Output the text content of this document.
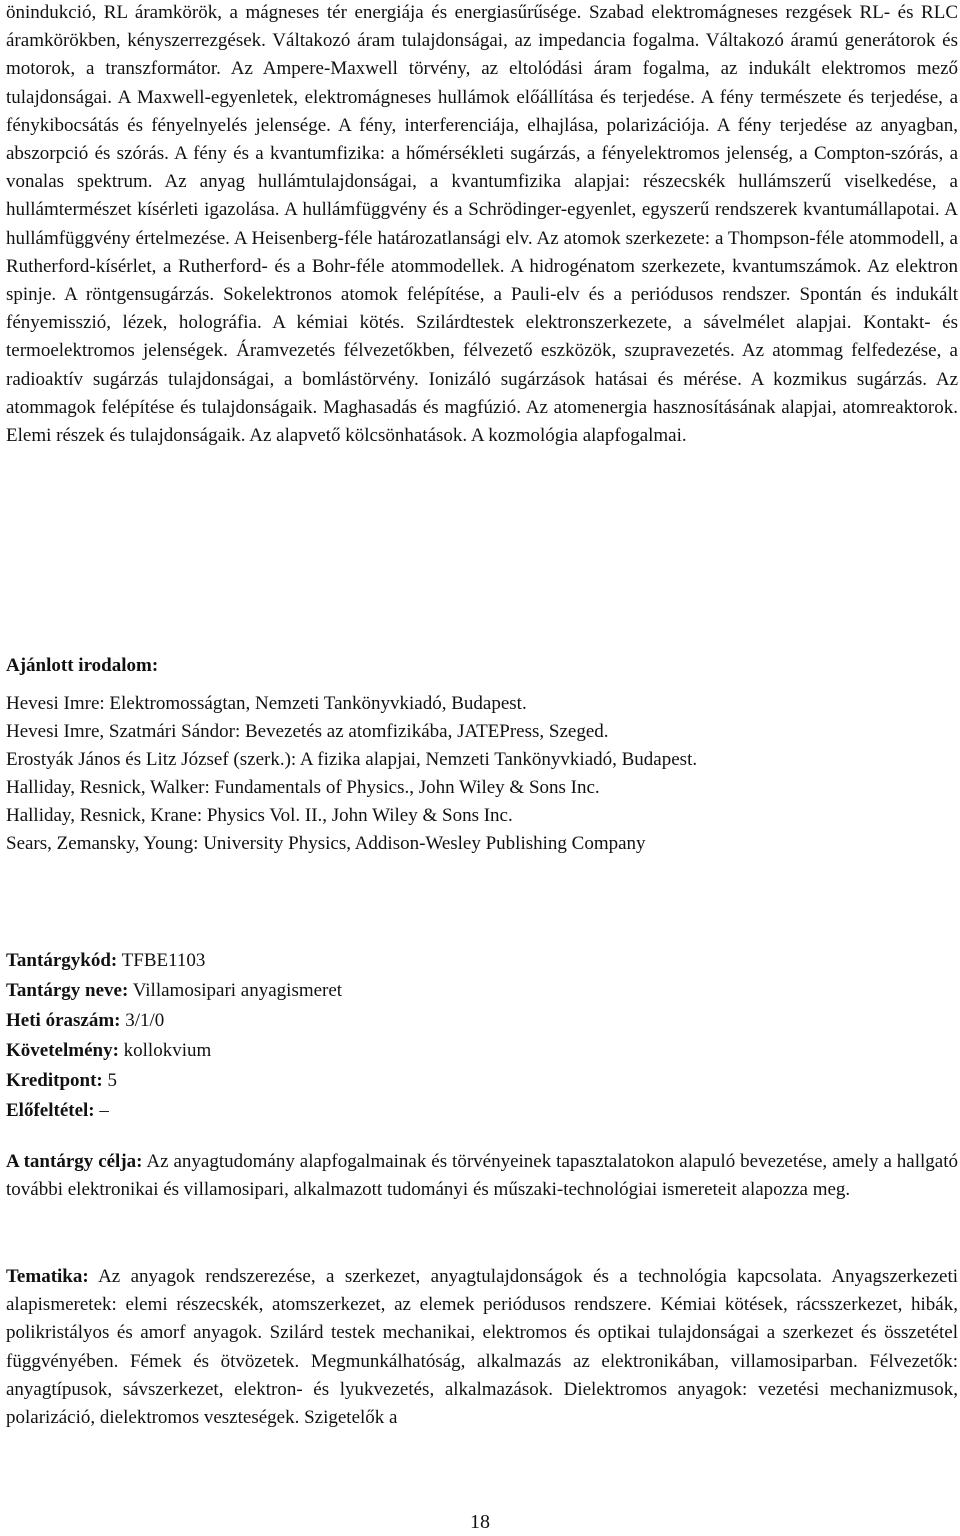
önindukció, RL áramkörök, a mágneses tér energiája és energiasűrűsége. Szabad elektromágneses rezgések RL- és RLC áramkörökben, kényszerrezgések. Váltakozó áram tulajdonságai, az impedancia fogalma. Váltakozó áramú generátorok és motorok, a transzformátor. Az Ampere-Maxwell törvény, az eltolódási áram fogalma, az indukált elektromos mező tulajdonságai. A Maxwell-egyenletek, elektromágneses hullámok előállítása és terjedése. A fény természete és terjedése, a fénykibocsátás és fényelnyelés jelensége. A fény, interferenciája, elhajlása, polarizációja. A fény terjedése az anyagban, abszorpció és szórás. A fény és a kvantumfizika: a hőmérsékleti sugárzás, a fényelektromos jelenség, a Compton-szórás, a vonalas spektrum. Az anyag hullámtulajdonságai, a kvantumfizika alapjai: részecskék hullámszerű viselkedése, a hullámtermészet kísérleti igazolása. A hullámfüggvény és a Schrödinger-egyenlet, egyszerű rendszerek kvantumállapotai. A hullámfüggvény értelmezése. A Heisenberg-féle határozatlansági elv. Az atomok szerkezete: a Thompson-féle atommodell, a Rutherford-kísérlet, a Rutherford- és a Bohr-féle atommodellek. A hidrogénatom szerkezete, kvantumszámok. Az elektron spinje. A röntgensugárzás. Sokelektronos atomok felépítése, a Pauli-elv és a periódusos rendszer. Spontán és indukált fényemisszió, lézek, holográfia. A kémiai kötés. Szilárdtestek elektronszerkezete, a sávelmélet alapjai. Kontakt- és termoelektromos jelenségek. Áramvezetés félvezetőkben, félvezető eszközök, szupravezetés. Az atommag felfedezése, a radioaktív sugárzás tulajdonságai, a bomlástörvény. Ionizáló sugárzások hatásai és mérése. A kozmikus sugárzás. Az atommagok felépítése és tulajdonságaik. Maghasadás és magfúzió. Az atomenergia hasznosításának alapjai, atomreaktorok. Elemi részek és tulajdonságaik. Az alapvető kölcsönhatások. A kozmológia alapfogalmai.

Ajánlott irodalom:
Hevesi Imre: Elektromosságtan, Nemzeti Tankönyvkiadó, Budapest.
Hevesi Imre, Szatmári Sándor: Bevezetés az atomfizikába, JATEPress, Szeged.
Erostyák János és Litz József (szerk.): A fizika alapjai, Nemzeti Tankönyvkiadó, Budapest.
Halliday, Resnick, Walker: Fundamentals of Physics., John Wiley & Sons Inc.
Halliday, Resnick, Krane: Physics Vol. II., John Wiley & Sons Inc.
Sears, Zemansky, Young: University Physics, Addison-Wesley Publishing Company
Tantárgykód: TFBE1103
Tantárgy neve: Villamosipari anyagismeret
Heti óraszám: 3/1/0
Követelmény: kollokvium
Kreditpont: 5
Előfeltétel: –

A tantárgy célja: Az anyagtudomány alapfogalmainak és törvényeinek tapasztalatokon alapuló bevezetése, amely a hallgató további elektronikai és villamosipari, alkalmazott tudományi és műszaki-technológiai ismereteit alapozza meg.

Tematika: Az anyagok rendszerezése, a szerkezet, anyagtulajdonságok és a technológia kapcsolata. Anyagszerkezeti alapismeretek: elemi részecskék, atomszerkezet, az elemek periódusos rendszere. Kémiai kötések, rácsszerkezet, hibák, polikristályos és amorf anyagok. Szilárd testek mechanikai, elektromos és optikai tulajdonságai a szerkezet és összetétel függvényében. Fémek és ötvözetek. Megmunkálhatóság, alkalmazás az elektronikában, villamosiparban. Félvezetők: anyagtípusok, sávszerkezet, elektron- és lyukvezetés, alkalmazások. Dielektromos anyagok: vezetési mechanizmusok, polarizáció, dielektromos veszteségek. Szigetelők a

18
